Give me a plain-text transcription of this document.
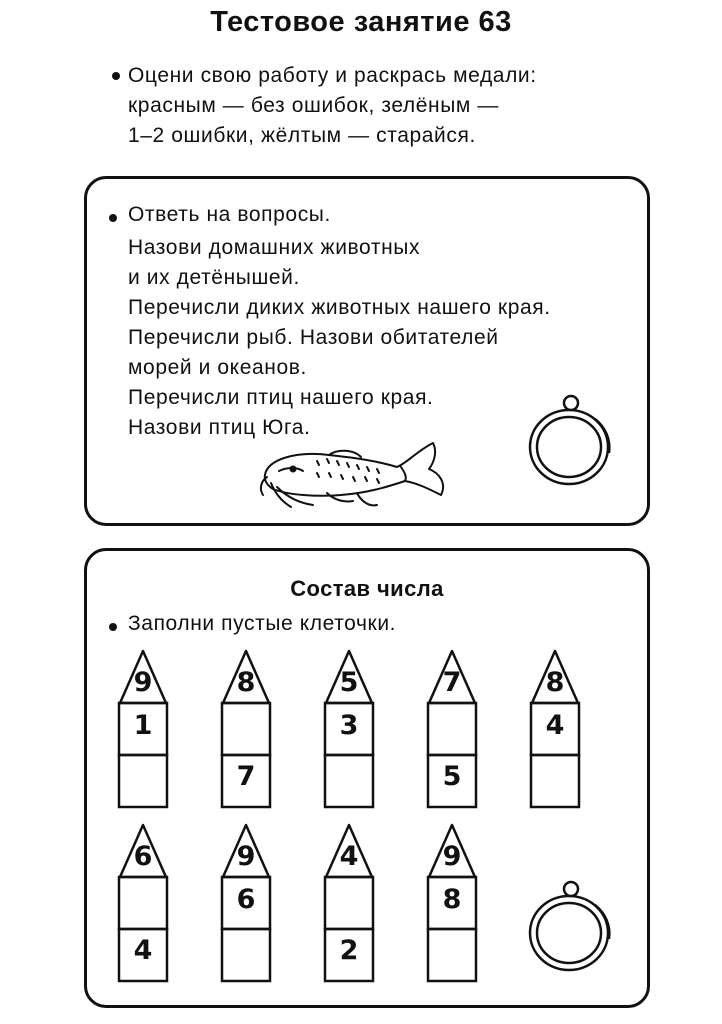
Тестовое занятие 63
Оцени свою работу и раскрась медали:
красным — без ошибок, зелёным —
1–2 ошибки, жёлтым — старайся.
Ответь на вопросы.
Назови домашних животных
и их детёнышей.
Перечисли диких животных нашего края.
Перечисли рыб. Назови обитателей
морей и океанов.
Перечисли птиц нашего края.
Назови птиц Юга.
Состав числа
Заполни пустые клеточки.
9
1
8
7
5
3
7
5
8
4
6
4
9
6
4
2
9
8
